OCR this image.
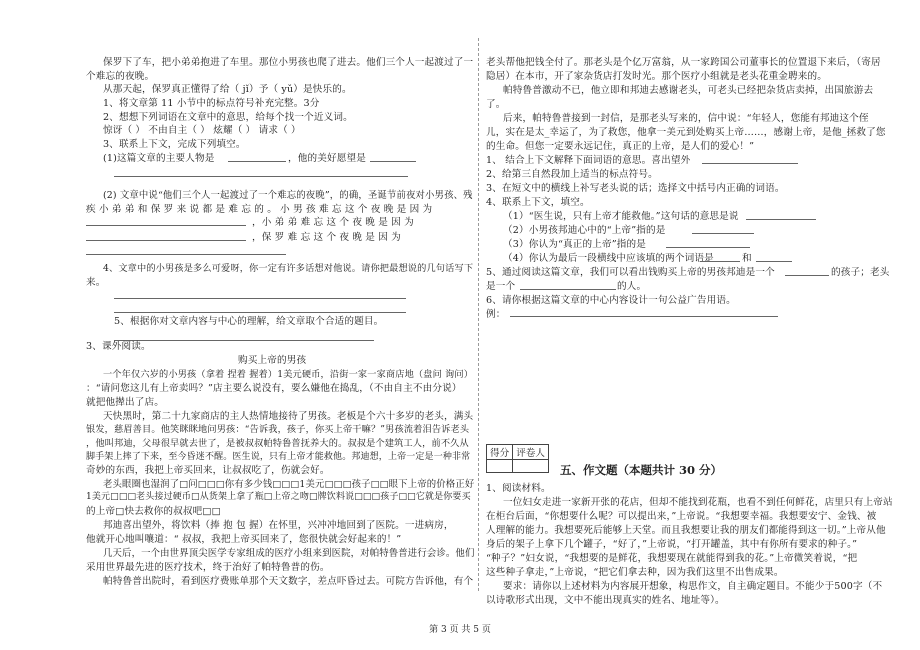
保罗下了车，把小弟弟抱进了车里。那位小男孩也爬了进去。他们三个人一起渡过了一
个难忘的夜晚。
从那天起，保罗真正懂得了给（ jǐ）予（ yǔ）是快乐的。
1、将文章第 11 小节中的标点符号补充完整。3分
2、想想下列词语在文章中的意思，给每个找一个近义词。
惊讶（ ） 不由自主（ ） 炫耀（ ） 请求（ ）
3、联系上下文，完成下列填空。
(1)这篇文章的主要人物是	，他的美好愿望是
(2) 文章中说“他们三个人一起渡过了一个难忘的夜晚”，的确，圣诞节前夜对小男孩、残
疾 小 弟 弟 和 保 罗 来 说 都 是 难 忘 的 。 小 男 孩 难 忘 这 个 夜 晚 是 因 为
，小 弟 弟 难 忘 这 个 夜 晚 是 因 为
，保 罗 难 忘 这 个 夜 晚 是 因 为
4、文章中的小男孩是多么可爱呀，你一定有许多话想对他说。请你把最想说的几句话写下
来。
5、根据你对文章内容与中心的理解，给文章取个合适的题目。
3、课外阅读。
购买上帝的男孩
一个年仅六岁的小男孩（拿着 捏着 握着）1美元硬币，沿街一家一家商店地（盘问 询问）
：“请问您这儿有上帝卖吗？”店主要么说没有，要么嫌他在捣乱，（不由自主不由分说）
就把他撵出了店。
天快黑时，第二十九家商店的主人热情地接待了男孩。老板是个六十多岁的老头，满头
银发，慈眉善目。他笑眯眯地问男孩：“告诉我，孩子，你买上帝干嘛？”男孩流着泪告诉老头
，他叫邦迪，父母很早就去世了，是被叔叔帕特鲁普抚养大的。叔叔是个建筑工人，前不久从
脚手架上摔了下来，至今昏迷不醒。医生说，只有上帝才能救他。邦迪想，上帝一定是一种非常
奇妙的东西，我把上帝买回来，让叔叔吃了，伤就会好。
老头眼圈也湿润了□问□□□你有多少钱□□□1美元□□□孩子□□眼下上帝的价格正好
1美元□□□老头接过硬币□从货架上拿了瓶□上帝之吻□牌饮料说□□□孩子□□它就是你要买
的上帝□快去救你的叔叔吧□□
邦迪喜出望外，将饮料（捧 抱 包 握）在怀里，兴冲冲地回到了医院。一进病房，
他就开心地叫嚷道：“ 叔叔，我把上帝买回来了，您很快就会好起来的！”
几天后，一个由世界顶尖医学专家组成的医疗小组来到医院，对帕特鲁普进行会诊。他们
采用世界最先进的医疗技术，终于治好了帕特鲁普的伤。
帕特鲁普出院时，看到医疗费账单那个天文数字，差点吓昏过去。可院方告诉他，有个
老头帮他把钱全付了。那老头是个亿万富翁，从一家跨国公司董事长的位置退下来后，（寄居
隐居）在本市，开了家杂货店打发时光。那个医疗小组就是老头花重金聘来的。
帕特鲁普激动不已，他立即和邦迪去感谢老头，可老头已经把杂货店卖掉，出国旅游去
了。
后来，帕特鲁普接到一封信，是那老头写来的，信中说：“年轻人，您能有邦迪这个侄
儿，实在是太_幸运了，为了救您，他拿一美元到处购买上帝……，感谢上帝，是他_拯救了您
的生命。但您一定要永远记住，真正的上帝，是人们的爱心！”
1、 结合上下文解释下面词语的意思。喜出望外
2、给第三自然段加上适当的标点符号。
3、在短文中的横线上补写老头说的话；选择文中括号内正确的词语。
4、联系上下文，填空。
（1）“医生说，只有上帝才能救他。”这句话的意思是说
（2）小男孩邦迪心中的“上帝”指的是
（3）你认为“真正的上帝”指的是
（4）你认为最后一段横线中应该填的两个词语是	和
5、通过阅读这篇文章，我们可以看出钱购买上帝的男孩邦迪是一个	的孩子；老头
是一个	的人。
6、请你根据这篇文章的中心内容设计一句公益广告用语。
例：
得分	评卷人

五、作文题（本题共计 30 分）
1、阅读材料。
一位妇女走进一家新开张的花店，但却不能找到花瓶，也看不到任何鲜花，店里只有上帝站
在柜台后面，“你想要什么呢？可以提出来，”上帝说。“我想要幸福。我想要安宁、金钱、被
人理解的能力。我想要死后能够上天堂。而且我想要让我的朋友们都能得到这一切。”上帝从他
身后的架子上拿下几个罐子，“好了，”上帝说，“打开罐盖，其中有你所有要求的种子。”
“种子？”妇女说，“我想要的是鲜花，我想要现在就能得到我的花。”上帝微笑着说，“把
这些种子拿走，”上帝说，“把它们拿去种，因为我们这里不出售成果。
要求：请你以上述材料为内容展开想象，构思作文，自主确定题目。不能少于500字（不
以诗歌形式出现，文中不能出现真实的姓名、地址等）。
第 3 页 共 5 页
